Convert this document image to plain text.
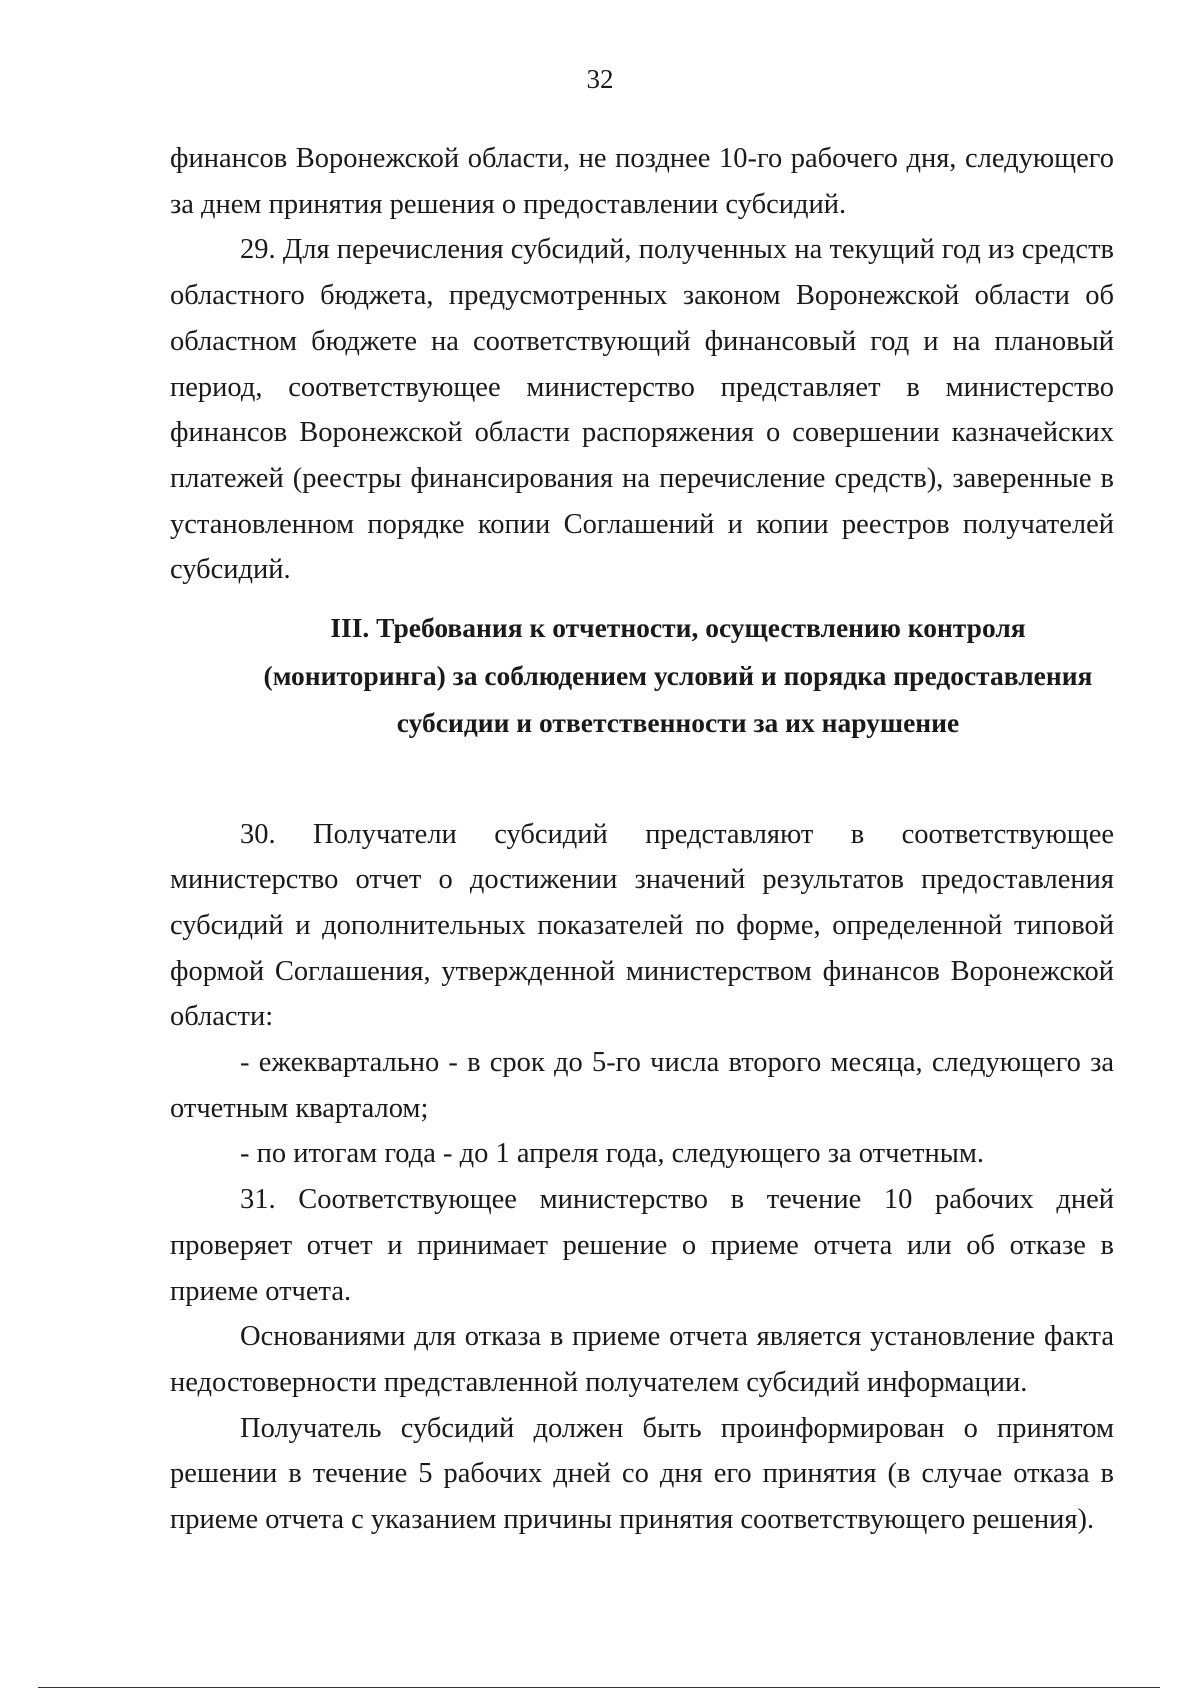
32

финансов Воронежской области, не позднее 10-го рабочего дня, следующего за днем принятия решения о предоставлении субсидий.

29. Для перечисления субсидий, полученных на текущий год из средств областного бюджета, предусмотренных законом Воронежской области об областном бюджете на соответствующий финансовый год и на плановый период, соответствующее министерство представляет в министерство финансов Воронежской области распоряжения о совершении казначейских платежей (реестры финансирования на перечисление средств), заверенные в установленном порядке копии Соглашений и копии реестров получателей субсидий.

III. Требования к отчетности, осуществлению контроля
(мониторинга) за соблюдением условий и порядка предоставления
субсидии и ответственности за их нарушение

30. Получатели субсидий представляют в соответствующее министерство отчет о достижении значений результатов предоставления субсидий и дополнительных показателей по форме, определенной типовой формой Соглашения, утвержденной министерством финансов Воронежской области:

- ежеквартально - в срок до 5-го числа второго месяца, следующего за отчетным кварталом;

- по итогам года - до 1 апреля года, следующего за отчетным.

31. Соответствующее министерство в течение 10 рабочих дней проверяет отчет и принимает решение о приеме отчета или об отказе в приеме отчета.

Основаниями для отказа в приеме отчета является установление факта недостоверности представленной получателем субсидий информации.

Получатель субсидий должен быть проинформирован о принятом решении в течение 5 рабочих дней со дня его принятия (в случае отказа в приеме отчета с указанием причины принятия соответствующего решения).
